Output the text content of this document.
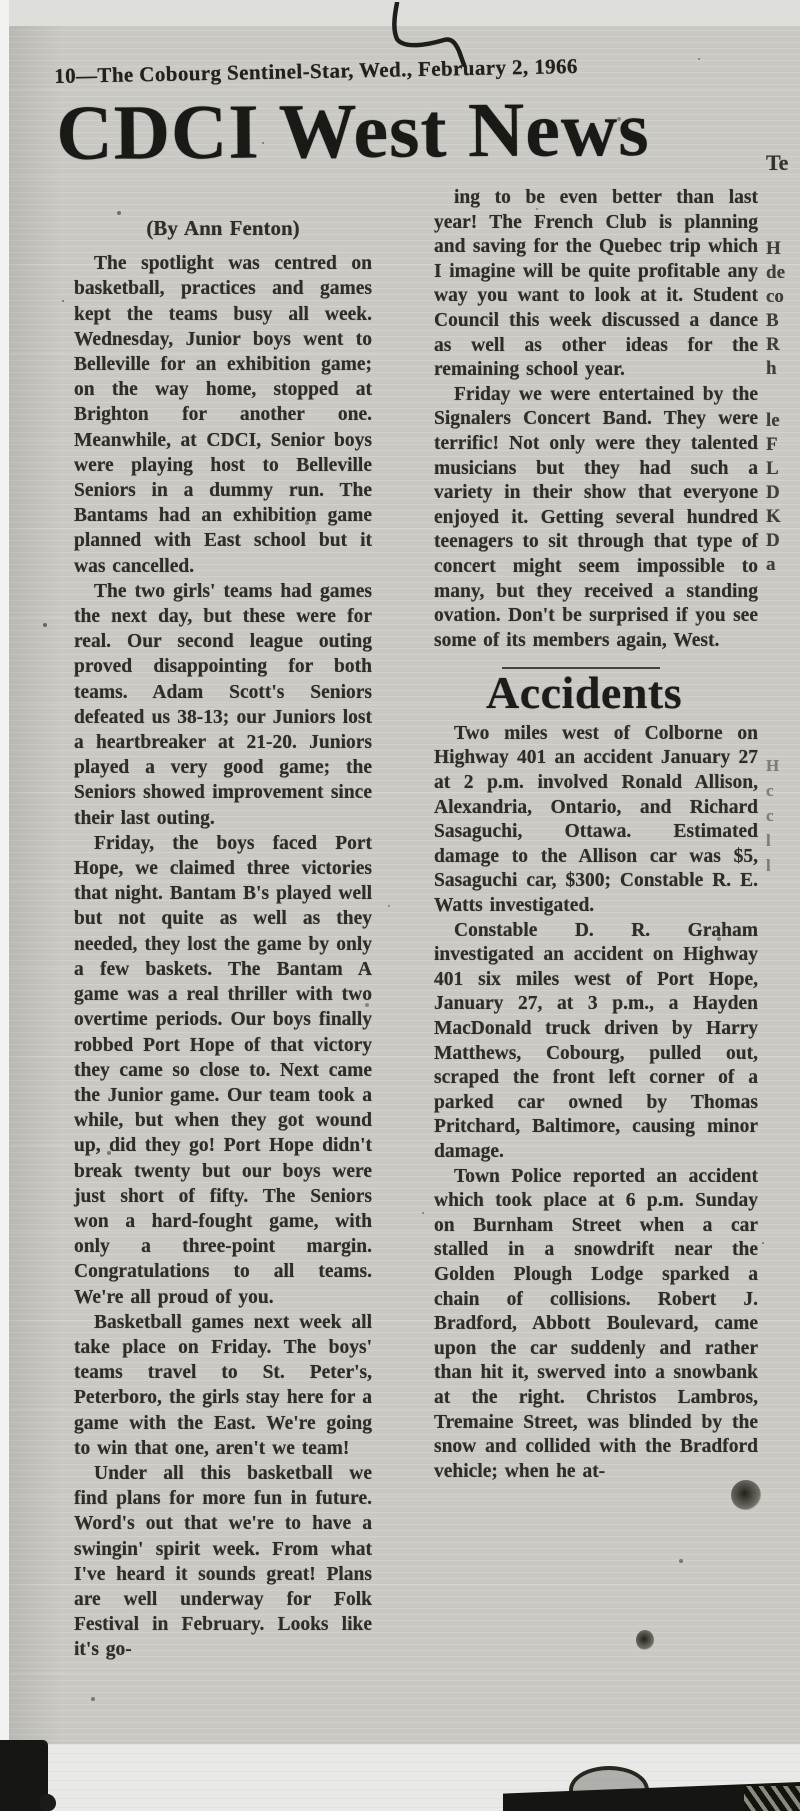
10—The Cobourg Sentinel-Star, Wed., February 2, 1966
CDCI West News

(By Ann Fenton)

The spotlight was centred on basketball, practices and games kept the teams busy all week. Wednesday, Junior boys went to Belleville for an exhibition game; on the way home, stopped at Brighton for another one. Meanwhile, at CDCI, Senior boys were playing host to Belleville Seniors in a dummy run. The Bantams had an exhibition game planned with East school but it was cancelled.

The two girls' teams had games the next day, but these were for real. Our second league outing proved disappointing for both teams. Adam Scott's Seniors defeated us 38-13; our Juniors lost a heartbreaker at 21-20. Juniors played a very good game; the Seniors showed improvement since their last outing.

Friday, the boys faced Port Hope, we claimed three victories that night. Bantam B's played well but not quite as well as they needed, they lost the game by only a few baskets. The Bantam A game was a real thriller with two overtime periods. Our boys finally robbed Port Hope of that victory they came so close to. Next came the Junior game. Our team took a while, but when they got wound up, did they go! Port Hope didn't break twenty but our boys were just short of fifty. The Seniors won a hard-fought game, with only a three-point margin. Congratulations to all teams. We're all proud of you.

Basketball games next week all take place on Friday. The boys' teams travel to St. Peter's, Peterboro, the girls stay here for a game with the East. We're going to win that one, aren't we team!

Under all this basketball we find plans for more fun in future. Word's out that we're to have a swingin' spirit week. From what I've heard it sounds great! Plans are well underway for Folk Festival in February. Looks like it's go-

ing to be even better than last year! The French Club is planning and saving for the Quebec trip which I imagine will be quite profitable any way you want to look at it. Student Council this week discussed a dance as well as other ideas for the remaining school year.

Friday we were entertained by the Signalers Concert Band. They were terrific! Not only were they talented musicians but they had such a variety in their show that everyone enjoyed it. Getting several hundred teenagers to sit through that type of concert might seem impossible to many, but they received a standing ovation. Don't be surprised if you see some of its members again, West.

Accidents

Two miles west of Colborne on Highway 401 an accident January 27 at 2 p.m. involved Ronald Allison, Alexandria, Ontario, and Richard Sasaguchi, Ottawa. Estimated damage to the Allison car was $5, Sasaguchi car, $300; Constable R. E. Watts investigated.

Constable D. R. Graham investigated an accident on Highway 401 six miles west of Port Hope, January 27, at 3 p.m., a Hayden MacDonald truck driven by Harry Matthews, Cobourg, pulled out, scraped the front left corner of a parked car owned by Thomas Pritchard, Baltimore, causing minor damage.

Town Police reported an accident which took place at 6 p.m. Sunday on Burnham Street when a car stalled in a snowdrift near the Golden Plough Lodge sparked a chain of collisions. Robert J. Bradford, Abbott Boulevard, came upon the car suddenly and rather than hit it, swerved into a snowbank at the right. Christos Lambros, Tremaine Street, was blinded by the snow and collided with the Bradford vehicle; when he at-

Te
H
de
co
B
R
h
le
F
L
D
K
D
a
H
c
c
l
l
